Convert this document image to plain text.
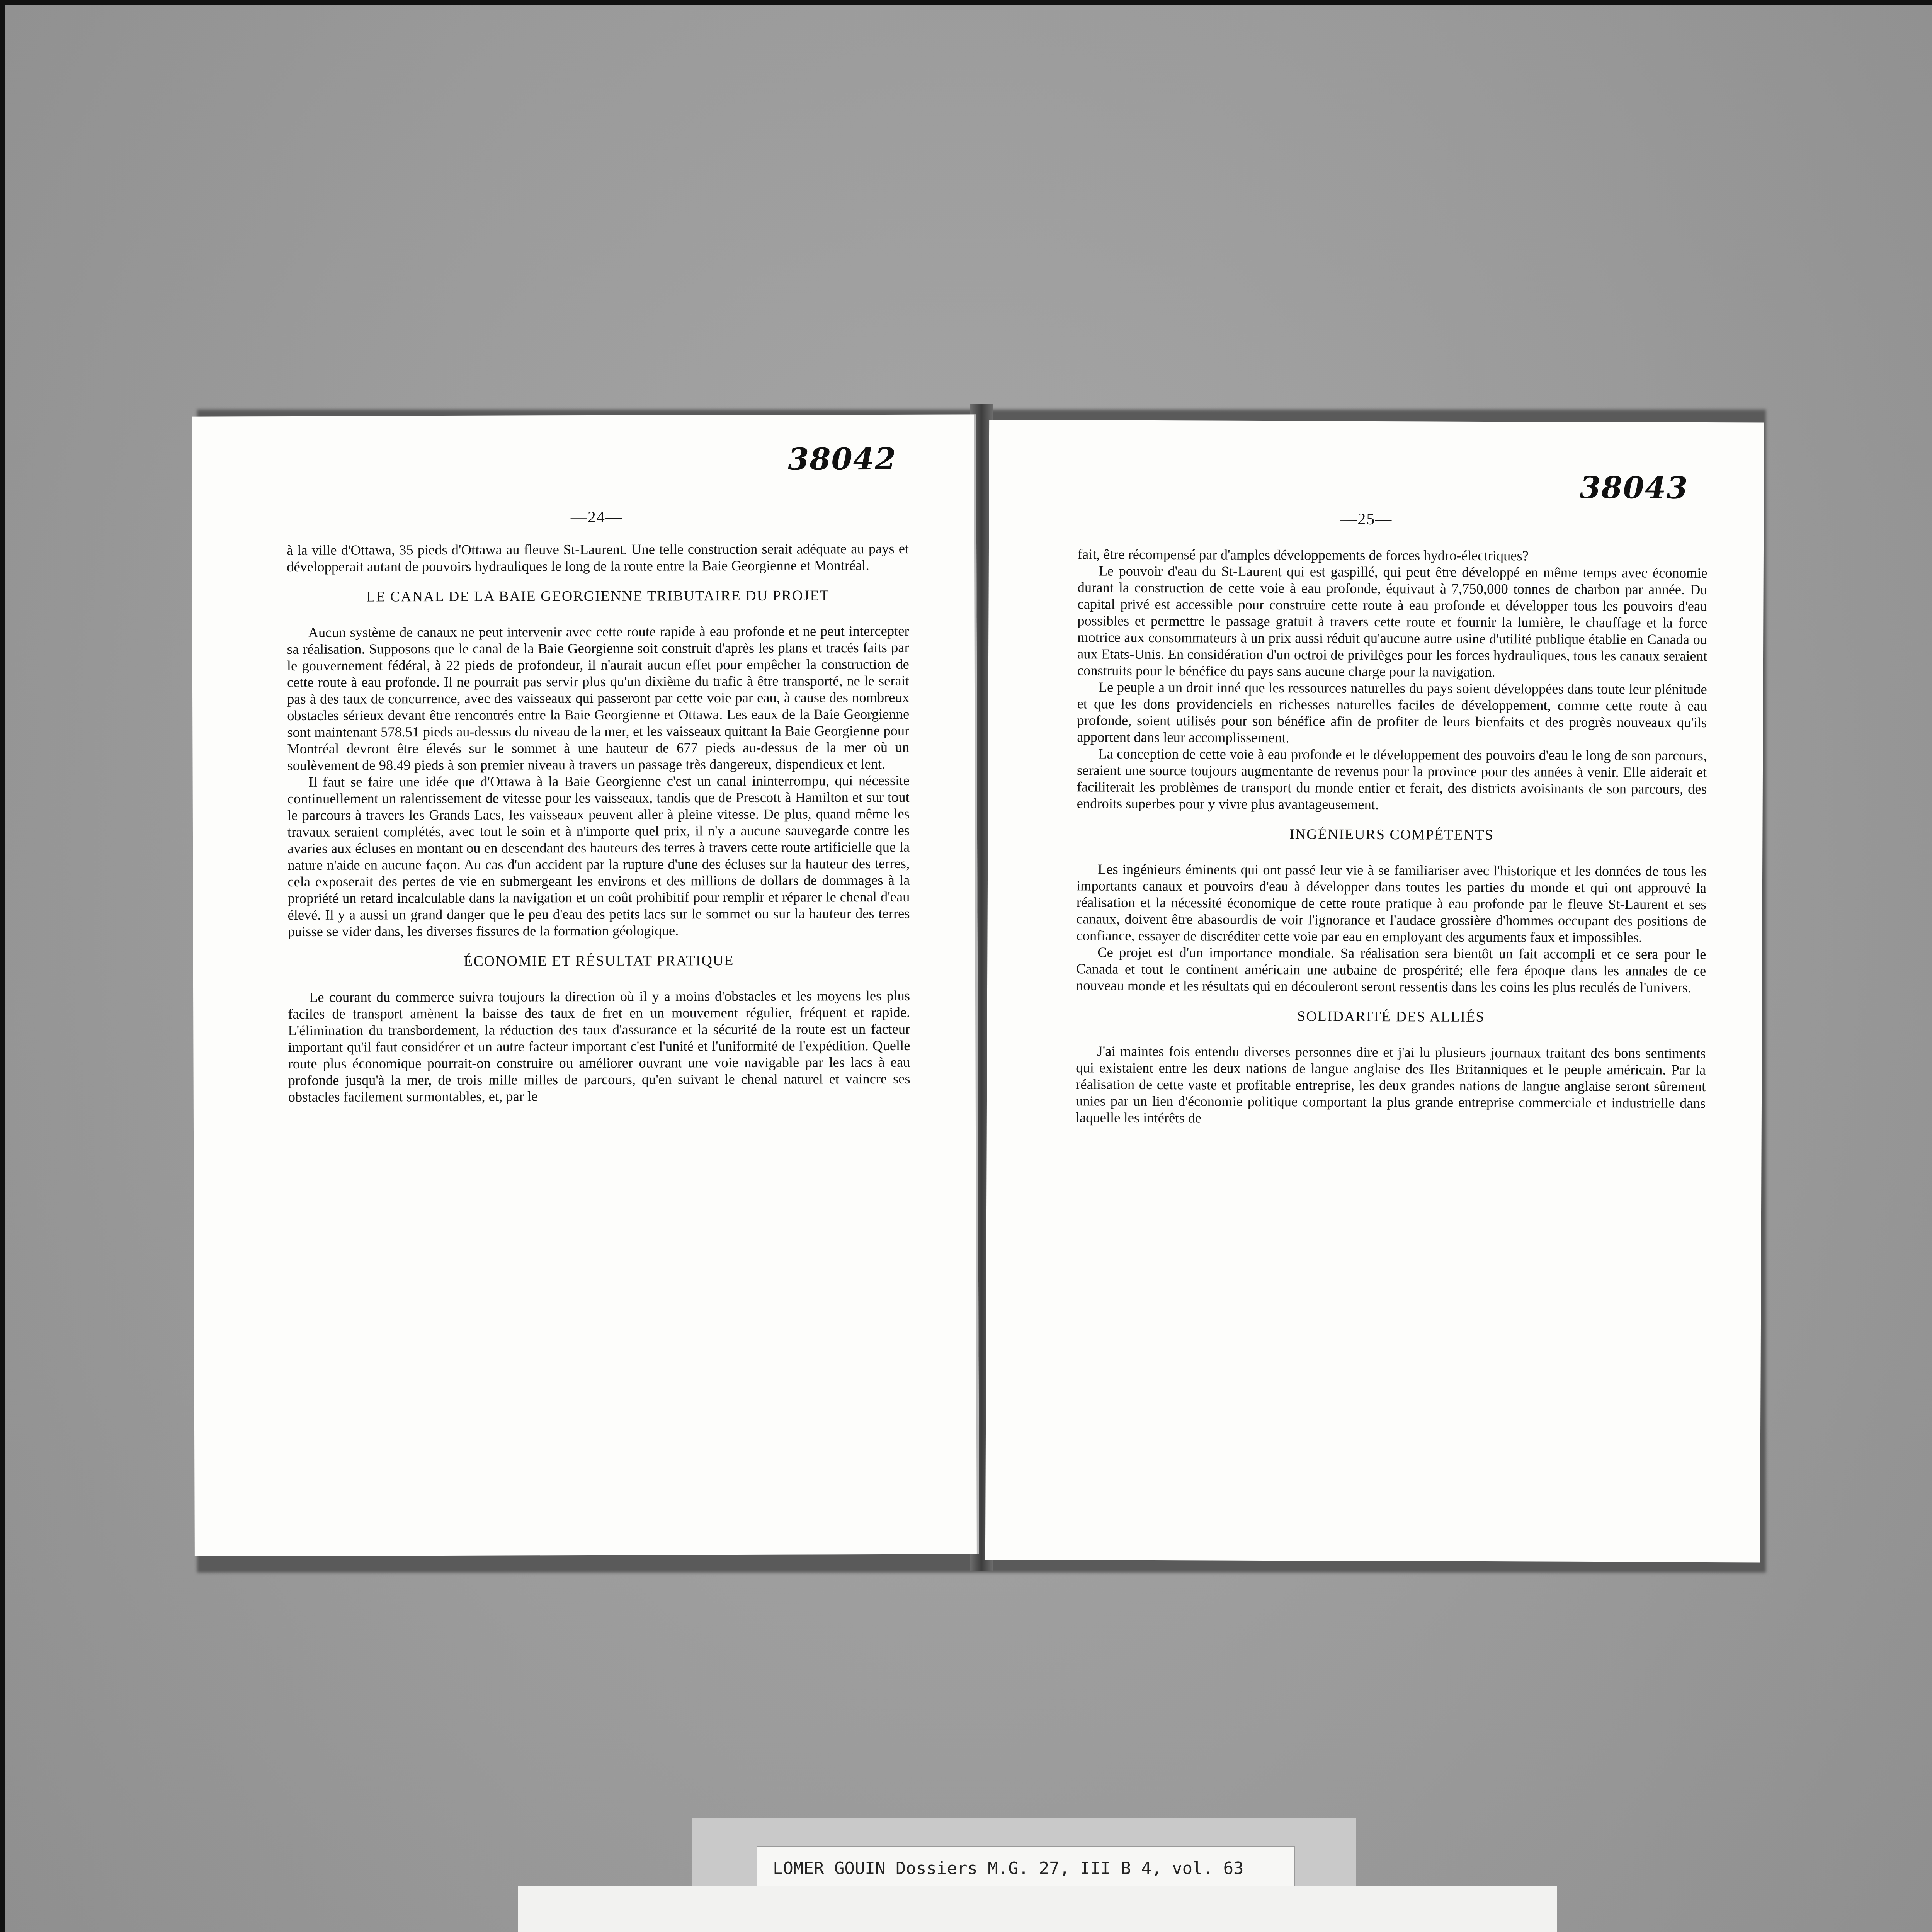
38042
—24—

à la ville d'Ottawa, 35 pieds d'Ottawa au fleuve St-Laurent. Une telle construction serait adéquate au pays et développerait autant de pouvoirs hydrauliques le long de la route entre la Baie Georgienne et Montréal.

LE CANAL DE LA BAIE GEORGIENNE TRIBUTAIRE DU PROJET

Aucun système de canaux ne peut intervenir avec cette route rapide à eau profonde et ne peut intercepter sa réalisation. Supposons que le canal de la Baie Georgienne soit construit d'après les plans et tracés faits par le gouvernement fédéral, à 22 pieds de profondeur, il n'aurait aucun effet pour empêcher la construction de cette route à eau profonde. Il ne pourrait pas servir plus qu'un dixième du trafic à être transporté, ne le serait pas à des taux de concurrence, avec des vaisseaux qui passeront par cette voie par eau, à cause des nombreux obstacles sérieux devant être rencontrés entre la Baie Georgienne et Ottawa. Les eaux de la Baie Georgienne sont maintenant 578.51 pieds au-dessus du niveau de la mer, et les vaisseaux quittant la Baie Georgienne pour Montréal devront être élevés sur le sommet à une hauteur de 677 pieds au-dessus de la mer où un soulèvement de 98.49 pieds à son premier niveau à travers un passage très dangereux, dispendieux et lent.

Il faut se faire une idée que d'Ottawa à la Baie Georgienne c'est un canal ininterrompu, qui nécessite continuellement un ralentissement de vitesse pour les vaisseaux, tandis que de Prescott à Hamilton et sur tout le parcours à travers les Grands Lacs, les vaisseaux peuvent aller à pleine vitesse. De plus, quand même les travaux seraient complétés, avec tout le soin et à n'importe quel prix, il n'y a aucune sauvegarde contre les avaries aux écluses en montant ou en descendant des hauteurs des terres à travers cette route artificielle que la nature n'aide en aucune façon. Au cas d'un accident par la rupture d'une des écluses sur la hauteur des terres, cela exposerait des pertes de vie en submergeant les environs et des millions de dollars de dommages à la propriété un retard incalculable dans la navigation et un coût prohibitif pour remplir et réparer le chenal d'eau élevé. Il y a aussi un grand danger que le peu d'eau des petits lacs sur le sommet ou sur la hauteur des terres puisse se vider dans, les diverses fissures de la formation géologique.

ÉCONOMIE ET RÉSULTAT PRATIQUE

Le courant du commerce suivra toujours la direction où il y a moins d'obstacles et les moyens les plus faciles de transport amènent la baisse des taux de fret en un mouvement régulier, fréquent et rapide. L'élimination du transbordement, la réduction des taux d'assurance et la sécurité de la route est un facteur important qu'il faut considérer et un autre facteur important c'est l'unité et l'uniformité de l'expédition. Quelle route plus économique pourrait-on construire ou améliorer ouvrant une voie navigable par les lacs à eau profonde jusqu'à la mer, de trois mille milles de parcours, qu'en suivant le chenal naturel et vaincre ses obstacles facilement surmontables, et, par le

38043
—25—

fait, être récompensé par d'amples développements de forces hydro-électriques?

Le pouvoir d'eau du St-Laurent qui est gaspillé, qui peut être développé en même temps avec économie durant la construction de cette voie à eau profonde, équivaut à 7,750,000 tonnes de charbon par année. Du capital privé est accessible pour construire cette route à eau profonde et développer tous les pouvoirs d'eau possibles et permettre le passage gratuit à travers cette route et fournir la lumière, le chauffage et la force motrice aux consommateurs à un prix aussi réduit qu'aucune autre usine d'utilité publique établie en Canada ou aux Etats-Unis. En considération d'un octroi de privilèges pour les forces hydrauliques, tous les canaux seraient construits pour le bénéfice du pays sans aucune charge pour la navigation.

Le peuple a un droit inné que les ressources naturelles du pays soient développées dans toute leur plénitude et que les dons providenciels en richesses naturelles faciles de développement, comme cette route à eau profonde, soient utilisés pour son bénéfice afin de profiter de leurs bienfaits et des progrès nouveaux qu'ils apportent dans leur accomplissement.

La conception de cette voie à eau profonde et le développement des pouvoirs d'eau le long de son parcours, seraient une source toujours augmentante de revenus pour la province pour des années à venir. Elle aiderait et faciliterait les problèmes de transport du monde entier et ferait, des districts avoisinants de son parcours, des endroits superbes pour y vivre plus avantageusement.

INGÉNIEURS COMPÉTENTS

Les ingénieurs éminents qui ont passé leur vie à se familiariser avec l'historique et les données de tous les importants canaux et pouvoirs d'eau à développer dans toutes les parties du monde et qui ont approuvé la réalisation et la nécessité économique de cette route pratique à eau profonde par le fleuve St-Laurent et ses canaux, doivent être abasourdis de voir l'ignorance et l'audace grossière d'hommes occupant des positions de confiance, essayer de discréditer cette voie par eau en employant des arguments faux et impossibles.

Ce projet est d'un importance mondiale. Sa réalisation sera bientôt un fait accompli et ce sera pour le Canada et tout le continent américain une aubaine de prospérité; elle fera époque dans les annales de ce nouveau monde et les résultats qui en découleront seront ressentis dans les coins les plus reculés de l'univers.

SOLIDARITÉ DES ALLIÉS

J'ai maintes fois entendu diverses personnes dire et j'ai lu plusieurs journaux traitant des bons sentiments qui existaient entre les deux nations de langue anglaise des Iles Britanniques et le peuple américain. Par la réalisation de cette vaste et profitable entreprise, les deux grandes nations de langue anglaise seront sûrement unies par un lien d'économie politique comportant la plus grande entreprise commerciale et industrielle dans laquelle les intérêts de

LOMER GOUIN Dossiers M.G. 27, III B 4, vol. 63
